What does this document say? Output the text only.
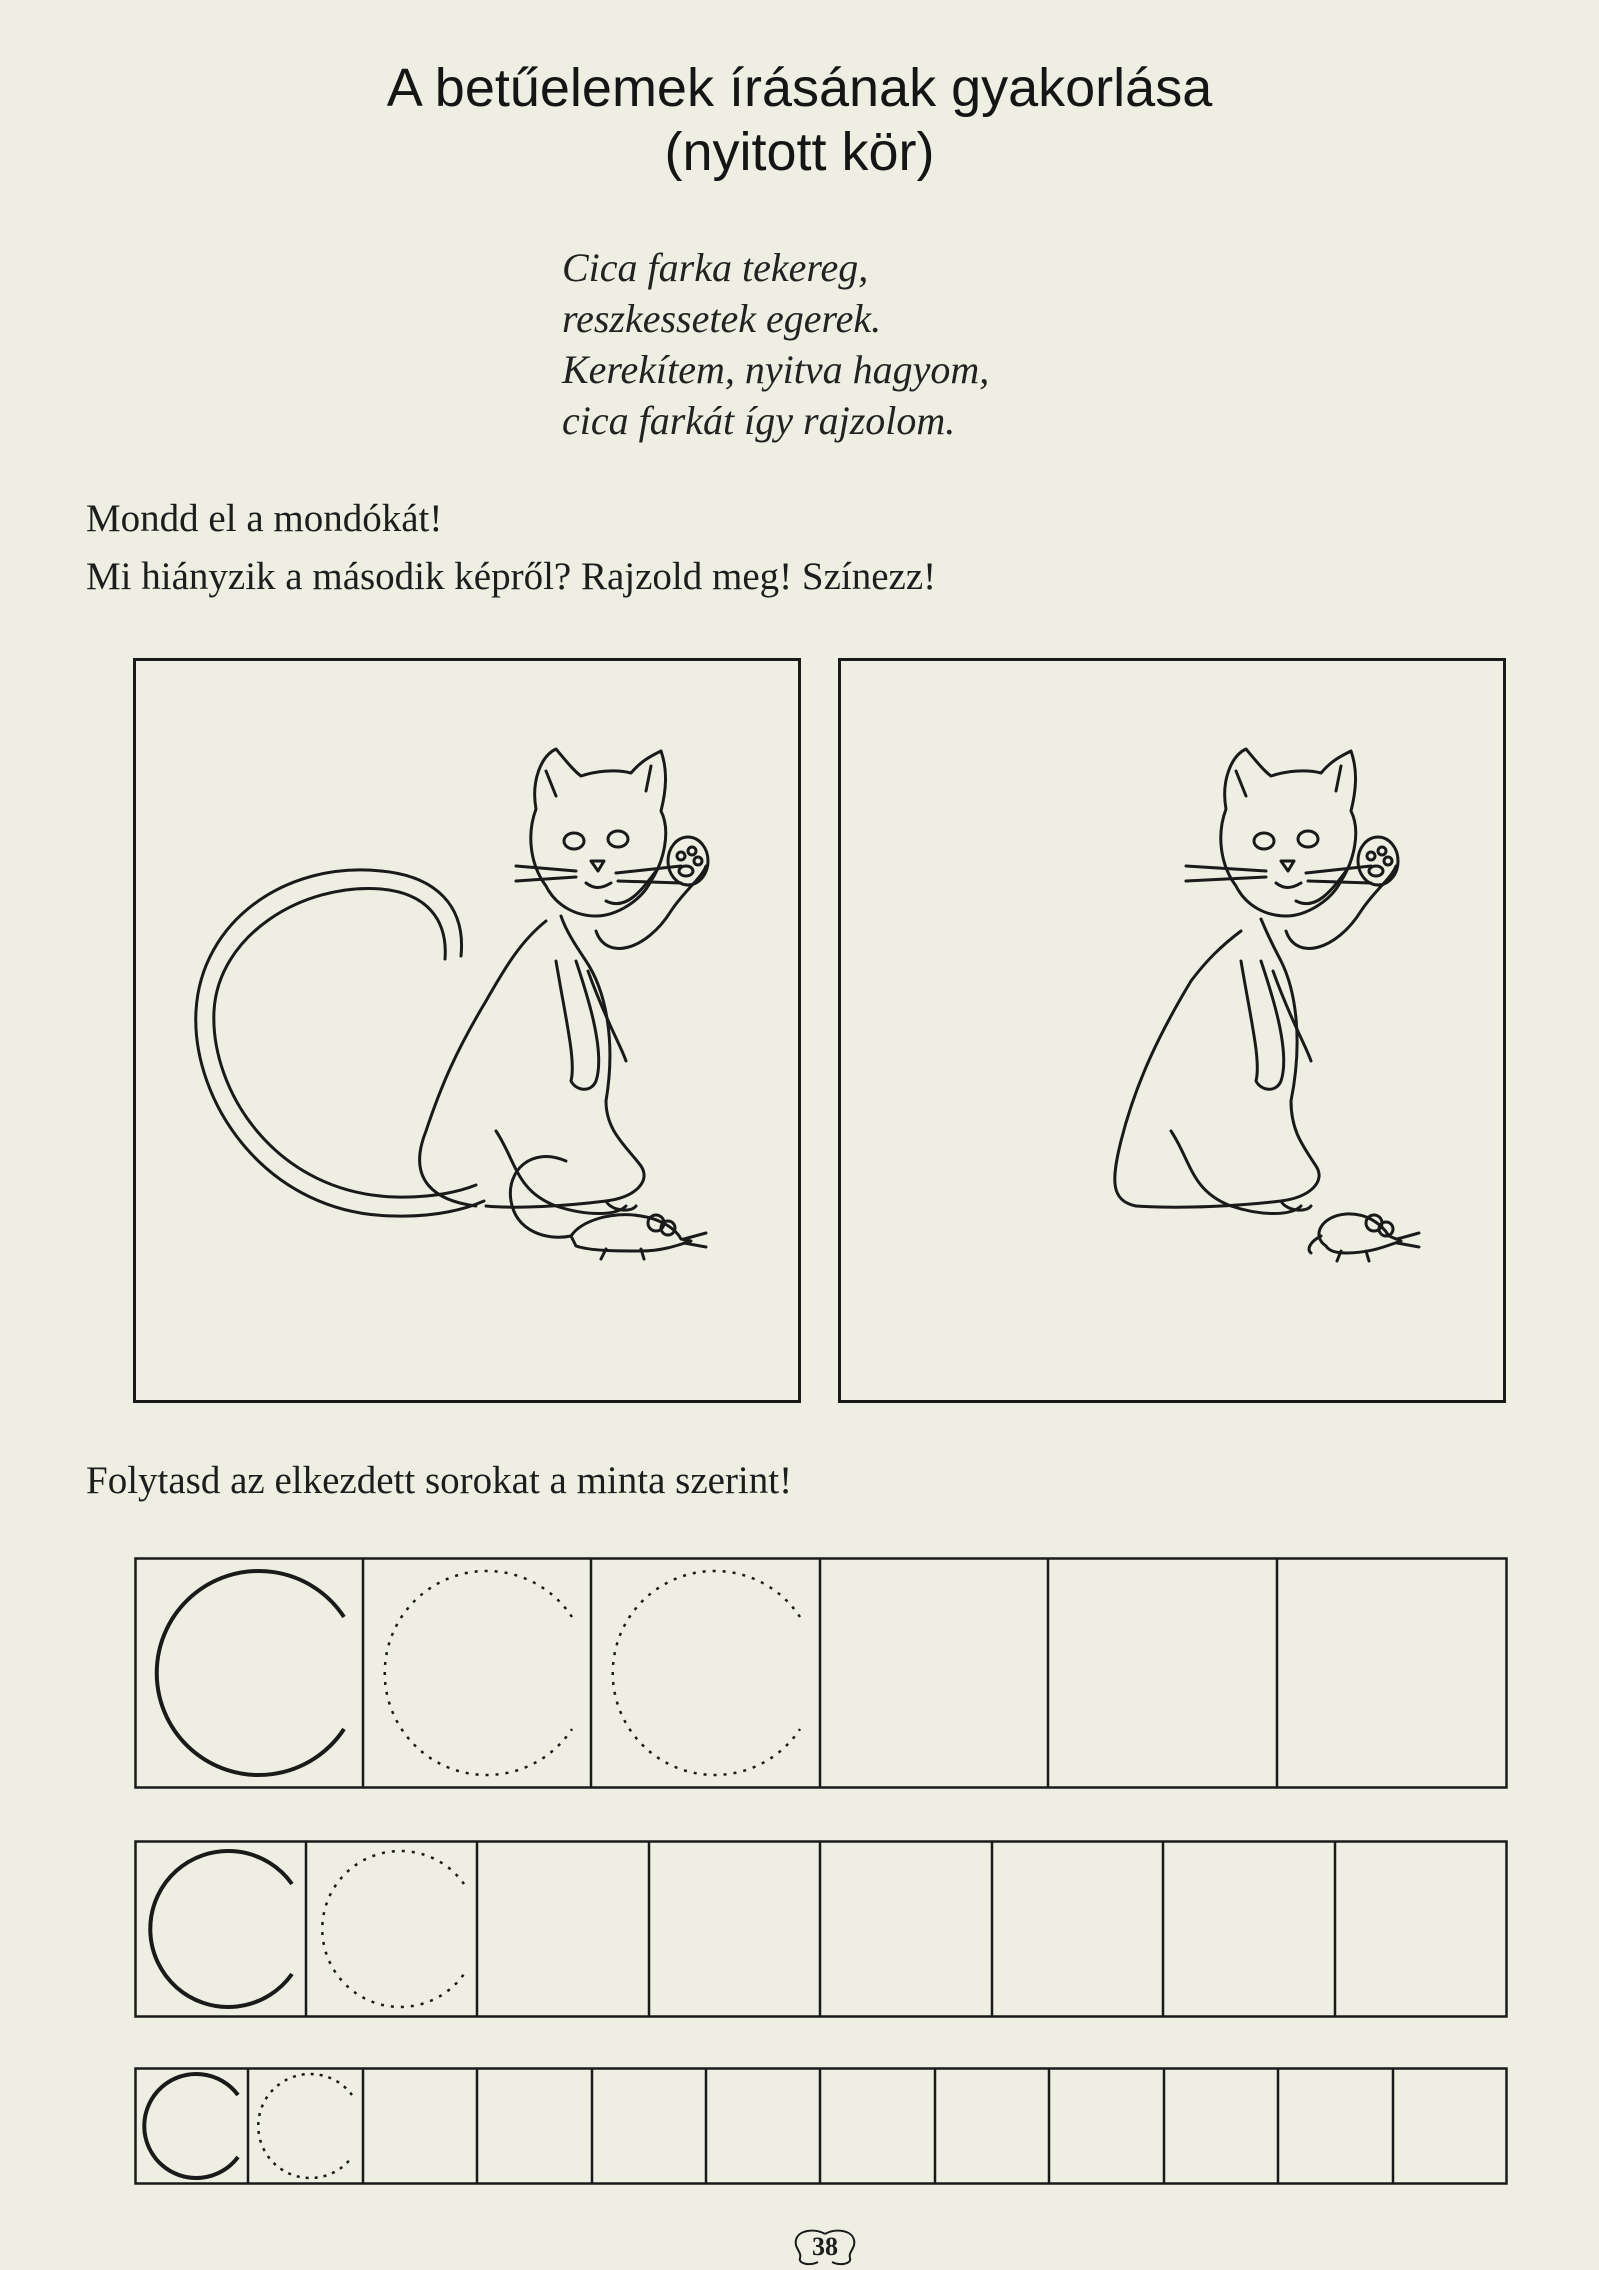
A betűelemek írásának gyakorlása
(nyitott kör)
Cica farka tekereg,
reszkessetek egerek.
Kerekítem, nyitva hagyom,
cica farkát így rajzolom.
Mondd el a mondókát!
Mi hiányzik a második képről? Rajzold meg! Színezz!
Folytasd az elkezdett sorokat a minta szerint!
38
